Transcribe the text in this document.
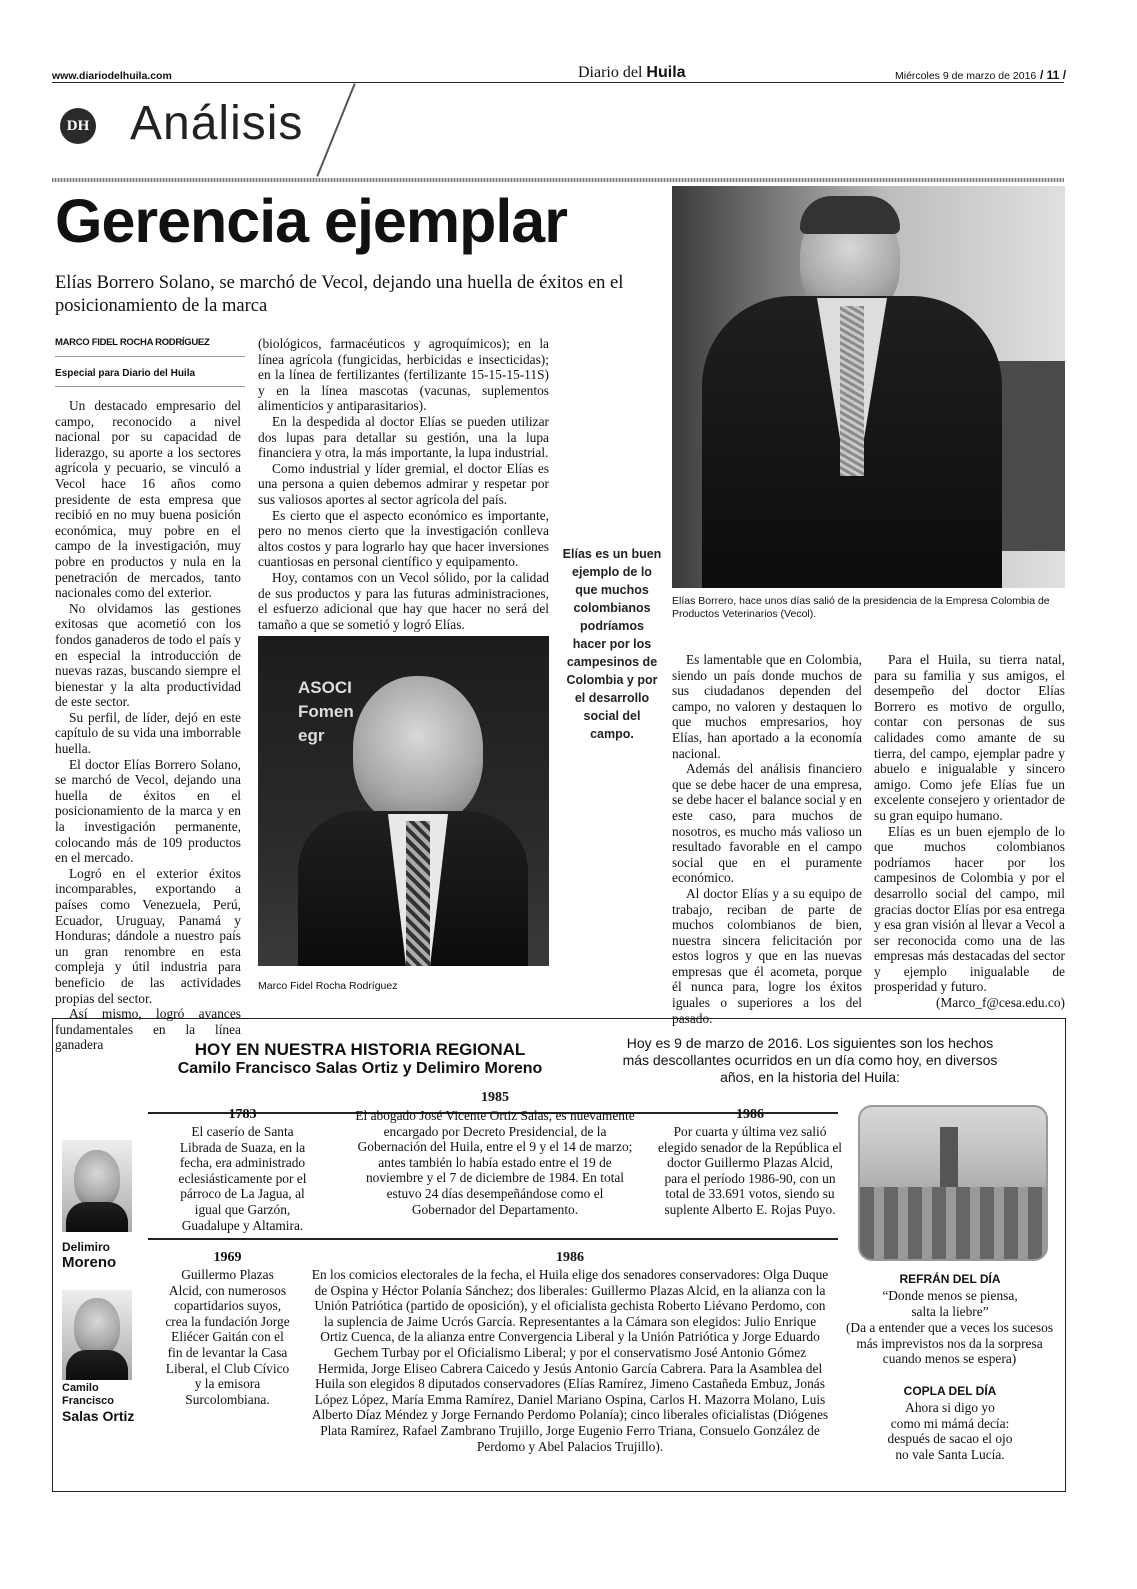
www.diariodelhuila.com	Diario del Huila	Miércoles 9 de marzo de 2016 / 11 /
DH Análisis
Gerencia ejemplar
Elías Borrero Solano, se marchó de Vecol, dejando una huella de éxitos en el posicionamiento de la marca
MARCO FIDEL ROCHA RODRÍGUEZ
Especial para Diario del Huila

Un destacado empresario del campo, reconocido a nivel nacional por su capacidad de liderazgo, su aporte a los sectores agrícola y pecuario, se vinculó a Vecol hace 16 años como presidente de esta empresa que recibió en no muy buena posición económica, muy pobre en el campo de la investigación, muy pobre en productos y nula en la penetración de mercados, tanto nacionales como del exterior.

No olvidamos las gestiones exitosas que acometió con los fondos ganaderos de todo el país y en especial la introducción de nuevas razas, buscando siempre el bienestar y la alta productividad de este sector.

Su perfil, de líder, dejó en este capítulo de su vida una imborrable huella.

El doctor Elías Borrero Solano, se marchó de Vecol, dejando una huella de éxitos en el posicionamiento de la marca y en la investigación permanente, colocando más de 109 productos en el mercado.

Logró en el exterior éxitos incomparables, exportando a países como Venezuela, Perú, Ecuador, Uruguay, Panamá y Honduras; dándole a nuestro país un gran renombre en esta compleja y útil industria para beneficio de las actividades propias del sector.

Así mismo, logró avances fundamentales en la línea ganadera

(biológicos, farmacéuticos y agroquímicos); en la línea agrícola (fungicidas, herbicidas e insecticidas); en la línea de fertilizantes (fertilizante 15-15-15-11S) y en la línea mascotas (vacunas, suplementos alimenticios y antiparasitarios).

En la despedida al doctor Elías se pueden utilizar dos lupas para detallar su gestión, una la lupa financiera y otra, la más importante, la lupa industrial.

Como industrial y líder gremial, el doctor Elías es una persona a quien debemos admirar y respetar por sus valiosos aportes al sector agrícola del país.

Es cierto que el aspecto económico es importante, pero no menos cierto que la investigación conlleva altos costos y para lograrlo hay que hacer inversiones cuantiosas en personal científico y equipamento.

Hoy, contamos con un Vecol sólido, por la calidad de sus productos y para las futuras administraciones, el esfuerzo adicional que hay que hacer no será del tamaño a que se sometió y logró Elías.

ASOCI Fomen egr
Marco Fidel Rocha Rodríguez
Elías es un buen ejemplo de lo que muchos colombianos podríamos hacer por los campesinos de Colombia y por el desarrollo social del campo.
Elías Borrero, hace unos días salió de la presidencia de la Empresa Colombia de Productos Veterinarios (Vecol).

Es lamentable que en Colombia, siendo un país donde muchos de sus ciudadanos dependen del campo, no valoren y destaquen lo que muchos empresarios, hoy Elías, han aportado a la economía nacional.

Además del análisis financiero que se debe hacer de una empresa, se debe hacer el balance social y en este caso, para muchos de nosotros, es mucho más valioso un resultado favorable en el campo social que en el puramente económico.

Al doctor Elías y a su equipo de trabajo, reciban de parte de muchos colombianos de bien, nuestra sincera felicitación por estos logros y que en las nuevas empresas que él acometa, porque él nunca para, logre los éxitos iguales o superiores a los del pasado.

Para el Huila, su tierra natal, para su familia y sus amigos, el desempeño del doctor Elías Borrero es motivo de orgullo, contar con personas de sus calidades como amante de su tierra, del campo, ejemplar padre y abuelo e inigualable y sincero amigo. Como jefe Elías fue un excelente consejero y orientador de su gran equipo humano.

Elías es un buen ejemplo de lo que muchos colombianos podríamos hacer por los campesinos de Colombia y por el desarrollo social del campo, mil gracias doctor Elías por esa entrega y esa gran visión al llevar a Vecol a ser reconocida como una de las empresas más destacadas del sector y ejemplo inigualable de prosperidad y futuro.

(Marco_f@cesa.edu.co)

HOY EN NUESTRA HISTORIA REGIONAL
Camilo Francisco Salas Ortiz y Delimiro Moreno
Hoy es 9 de marzo de 2016. Los siguientes son los hechos más descollantes ocurridos en un día como hoy, en diversos años, en la historia del Huila:
Delimiro
Moreno
Camilo Francisco
Salas Ortiz
1783
El caserío de Santa Librada de Suaza, en la fecha, era administrado eclesiásticamente por el párroco de La Jagua, al igual que Garzón, Guadalupe y Altamira.
1985
El abogado José Vicente Ortiz Salas, es nuevamente encargado por Decreto Presidencial, de la Gobernación del Huila, entre el 9 y el 14 de marzo; antes también lo había estado entre el 19 de noviembre y el 7 de diciembre de 1984. En total estuvo 24 días desempeñándose como el Gobernador del Departamento.
1986
Por cuarta y última vez salió elegido senador de la República el doctor Guillermo Plazas Alcid, para el período 1986-90, con un total de 33.691 votos, siendo su suplente Alberto E. Rojas Puyo.
1969
Guillermo Plazas Alcid, con numerosos copartidarios suyos, crea la fundación Jorge Eliécer Gaitán con el fin de levantar la Casa Liberal, el Club Cívico y la emisora Surcolombiana.
1986
En los comicios electorales de la fecha, el Huila elige dos senadores conservadores: Olga Duque de Ospina y Héctor Polanía Sánchez; dos liberales: Guillermo Plazas Alcid, en la alianza con la Unión Patriótica (partido de oposición), y el oficialista gechista Roberto Liévano Perdomo, con la suplencia de Jaime Ucrós García. Representantes a la Cámara son elegidos: Julio Enrique Ortiz Cuenca, de la alianza entre Convergencia Liberal y la Unión Patriótica y Jorge Eduardo Gechem Turbay por el Oficialismo Liberal; y por el conservatismo José Antonio Gómez Hermida, Jorge Eliseo Cabrera Caicedo y Jesús Antonio García Cabrera. Para la Asamblea del Huila son elegidos 8 diputados conservadores (Elías Ramírez, Jimeno Castañeda Embuz, Jonás López López, María Emma Ramírez, Daniel Mariano Ospina, Carlos H. Mazorra Molano, Luis Alberto Díaz Méndez y Jorge Fernando Perdomo Polanía); cinco liberales oficialistas (Diógenes Plata Ramírez, Rafael Zambrano Trujillo, Jorge Eugenio Ferro Triana, Consuelo González de Perdomo y Abel Palacios Trujillo).
REFRÁN DEL DÍA
“Donde menos se piensa, salta la liebre”
(Da a entender que a veces los sucesos más imprevistos nos da la sorpresa cuando menos se espera)
COPLA DEL DÍA
Ahora si digo yo
como mi mámá decía:
después de sacao el ojo
no vale Santa Lucía.
